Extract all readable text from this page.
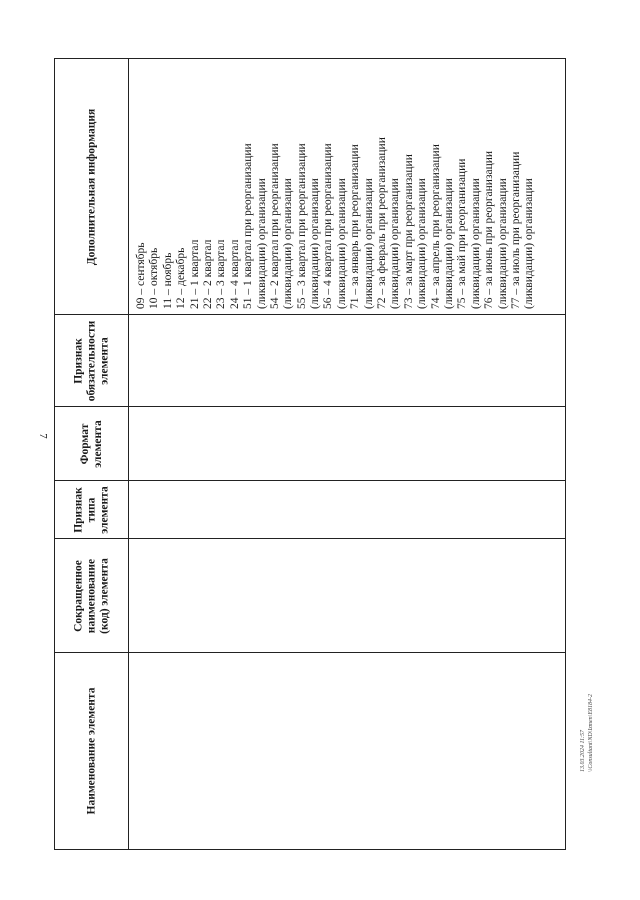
7
13.03.2024 11:57 \\Consultant\ND\Izmen\E8184-2
Дополнительная информация
Признак
обязательности
элемента
Формат
элемента
Признак
типа
элемента
Сокращенное
наименование
(код) элемента
Наименование элемента
09 – сентябрь 10 – октябрь 11 – ноябрь 12 – декабрь 21 – 1 квартал 22 – 2 квартал 23 – 3 квартал 24 – 4 квартал 51 – 1 квартал при реорганизации (ликвидации) организации 54 – 2 квартал при реорганизации (ликвидации) организации 55 – 3 квартал при реорганизации (ликвидации) организации 56 – 4 квартал при реорганизации (ликвидации) организации 71 – за январь при реорганизации (ликвидации) организации 72 – за февраль при реорганизации (ликвидации) организации 73 – за март при реорганизации (ликвидации) организации 74 – за апрель при реорганизации (ликвидации) организации 75 – за май при реорганизации (ликвидации) организации 76 – за июнь при реорганизации (ликвидации) организации 77 – за июль при реорганизации (ликвидации) организации
